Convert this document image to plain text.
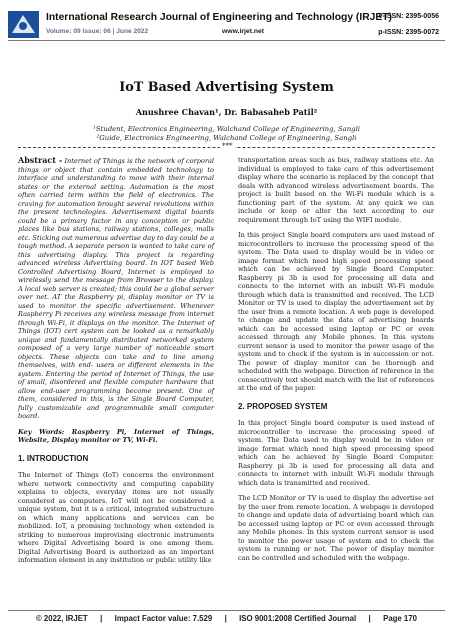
International Research Journal of Engineering and Technology (IRJET)
Volume: 09 Issue: 06 | June 2022	www.irjet.net
e-ISSN: 2395-0056
p-ISSN: 2395-0072
IoT Based Advertising System
Anushree Chavan¹, Dr. Babasaheb Patil²
¹Student, Electronics Engineering, Walchand College of Engineering, Sangli
²Guide, Electronics Engineering, Walchand College of Engineering, Sangli
***

Abstract - Internet of Things is the network of corporal things or object that contain embedded technology to interface and understanding to move with their internal states or the external setting. Automation is the most often carried term within the field of electronics. The craving for automation brought several revolutions within the present technologies. Advertisement digital boards could be a primary factor in any conception or public places like bus stations, railway stations, colleges, malls etc. Sticking out numerous advertise day to day could be a tough method. A separate person is wanted to take care of this advertising display. This project is regarding advanced wireless Advertising board. In IOT based Web Controlled Advertising Board, Internet is employed to wirelessly send the message from Browser to the display. A local web server is created; this could be a global server over net. AT the Raspberry pi, display monitor or TV is used to monitor the specific advertisement. Whenever Raspberry Pi receives any wireless message from internet through Wi-Fi, it displays on the monitor. The Internet of Things (IOT) cert system can be looked as a remarkably unique and fundamentally distributed networked system composed of a very large number of noticeable smart objects. These objects can take and to line among themselves, with end- users or different elements in the system. Entering the period of Internet of Things, the use of small, disordered and flexible computer hardware that allow end-user programming become present. One of them, considered in this, is the Single Board Computer, fully customizable and programmable small computer board.

Key Words: Raspberry Pi, Internet of Things, Website, Display monitor or TV, Wi-Fi.

1. INTRODUCTION

The Internet of Things (IoT) concerns the environment where network connectivity and computing capability explains to objects, everyday items are not usually considered as computers. IoT will not be considered a unique system, but it is a critical, integrated substructure on which many applications and services can be mobilized. IoT, a promising technology when extended is striking to numerous improvising electronic instruments where Digital Advertising board is one among them. Digital Advertising Board is authorized as an important information element in any institution or public utility like

transportation areas such as bus, railway stations etc. An individual is employed to take care of this advertisement display where the scenario is replaced by the concept that deals with advanced wireless advertisement boards. The project is built based on the Wi-Fi module which is a functioning part of the system. At any quick we can include or keep or alter the text according to our requirement through IoT using the WIFI module.

In this project Single board computers are used instead of microcontrollers to increase the processing speed of the system. The Data used to display would be in video or image format which need high speed processing speed which can be achieved by Single Board Computer. Raspberry pi 3b is used for processing all data and connects to the internet with an inbuilt Wi-Fi module through which data is transmitted and received. The LCD Monitor or TV is used to display the advertisement set by the user from a remote location. A web page is developed to change and update the data of advertising boards which can be accessed using laptop or PC or even accessed through any Mobile phones. In this system current sensor is used to monitor the power usage of the system and to check if the system is in succession or not. The power of display monitor can be thorough and scheduled with the webpage. Direction of reference in the consecutively text should match with the list of references at the end of the paper.

2. PROPOSED SYSTEM

In this project Single board computer is used instead of microcontroller to increase the processing speed of system. The Data used to display would be in video or image format which need high speed processing speed which can be achieved by Single Board Computer. Raspberry pi 3b is used for processing all data and connects to internet with inbuilt Wi-Fi module through which data is transmitted and received.

The LCD Monitor or TV is used to display the advertise set by the user from remote location. A webpage is developed to change and update data of advertising board which can be accessed using laptop or PC or even accessed through any Mobile phones. In this system current sensor is used to monitor the power usage of system and to check the system is running or not. The power of display monitor can be controlled and scheduled with the webpage.

© 2022, IRJET | Impact Factor value: 7.529 | ISO 9001:2008 Certified Journal | Page 170
